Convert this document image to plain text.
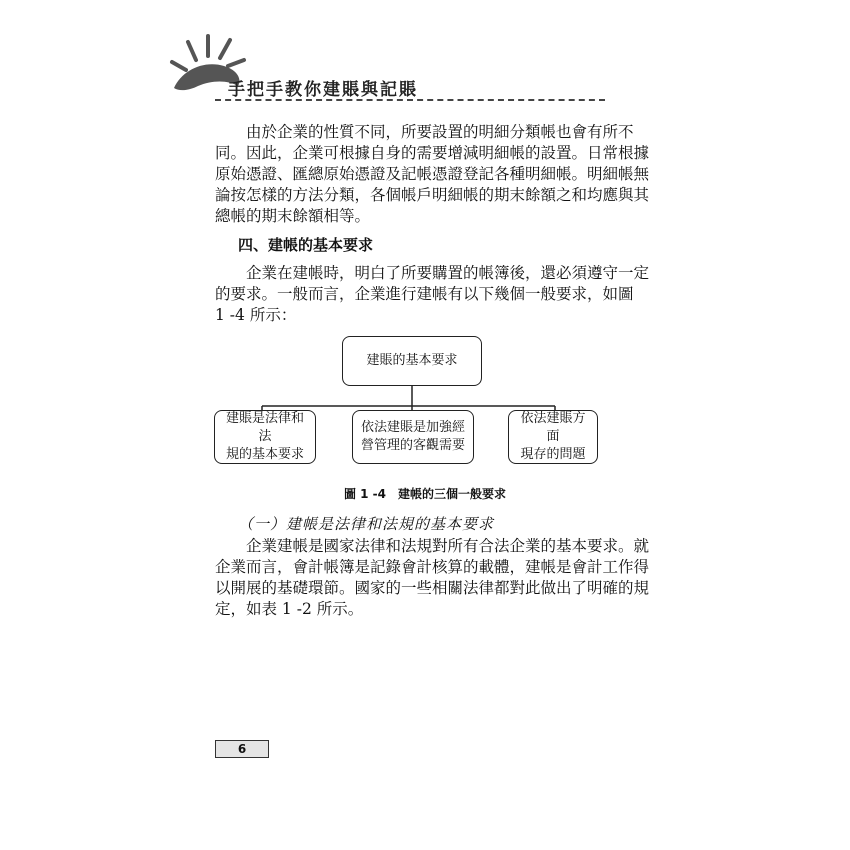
手把手教你建賬與記賬
　　由於企業的性質不同，所要設置的明細分類帳也會有所不
同。因此，企業可根據自身的需要增減明細帳的設置。日常根據
原始憑證、匯總原始憑證及記帳憑證登記各種明細帳。明細帳無
論按怎樣的方法分類，各個帳戶明細帳的期末餘額之和均應與其
總帳的期末餘額相等。
四、建帳的基本要求
　　企業在建帳時，明白了所要購置的帳簿後，還必須遵守一定
的要求。一般而言，企業進行建帳有以下幾個一般要求，如圖
1 -4 所示：
建賬的基本要求
建賬是法律和法
規的基本要求
依法建賬是加強經
營管理的客觀需要
依法建賬方面
現存的問題
圖 1 -4　建帳的三個一般要求
（一）建帳是法律和法規的基本要求
　　企業建帳是國家法律和法規對所有合法企業的基本要求。就
企業而言，會計帳簿是記錄會計核算的載體，建帳是會計工作得
以開展的基礎環節。國家的一些相關法律都對此做出了明確的規
定，如表 1 -2 所示。
6
